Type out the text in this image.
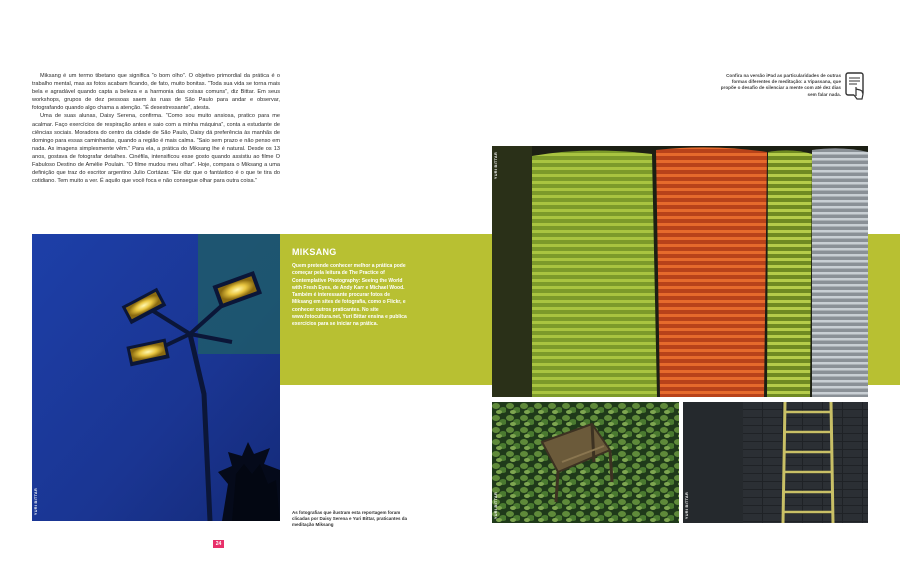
Miksang é um termo tibetano que significa “o bom olho”. O objetivo primordial da prática é o trabalho mental, mas as fotos acabam ficando, de fato, muito bonitas. “Toda sua vida se torna mais bela e agradável quando capta a beleza e a harmonia das coisas comuns”, diz Bittar. Em seus workshops, grupos de dez pessoas saem às ruas de São Paulo para andar e observar, fotografando quando algo chama a atenção. “É desestressante”, atesta.

Uma de suas alunas, Daisy Serena, confirma. “Como sou muito ansiosa, pratico para me acalmar. Faço exercícios de respiração antes e saio com a minha máquina”, conta a estudante de ciências sociais. Moradora do centro da cidade de São Paulo, Daisy dá preferência às manhãs de domingo para essas caminhadas, quando a região é mais calma. “Saio sem prazo e não penso em nada. As imagens simplesmente vêm.” Para ela, a prática do Miksang lhe é natural. Desde os 13 anos, gostava de fotografar detalhes. Cinéfila, intensificou esse gosto quando assistiu ao filme O Fabuloso Destino de Amélie Poulain. “O filme mudou meu olhar”. Hoje, compara o Miksang a uma definição que traz do escritor argentino Julio Cortázar. “Ele diz que o fantástico é o que te tira do cotidiano. Tem muito a ver. É aquilo que você foca e não consegue olhar para outra coisa.”

Confira na versão iPad as particularidades de outras formas diferentes de meditação: a Vipassana, que propõe o desafio de silenciar a mente com até dez dias sem falar nada.
YURI BITTAR
MIKSANG
Quem pretende conhecer melhor a prática pode começar pela leitura de The Practice of Contemplative Photography: Seeing the World with Fresh Eyes, de Andy Karr e Michael Wood. Também é interessante procurar fotos de Miksang em sites de fotografia, como o Flickr, e conhecer outros praticantes. No site www.fotocultura.net, Yuri Bittar ensina e publica exercícios para se iniciar na prática.
YURI BITTAR
YURI BITTAR	YURI BITTAR
As fotografias que ilustram esta reportagem foram clicadas por Daisy Serena e Yuri Bittar, praticantes da meditação Miksang
24
